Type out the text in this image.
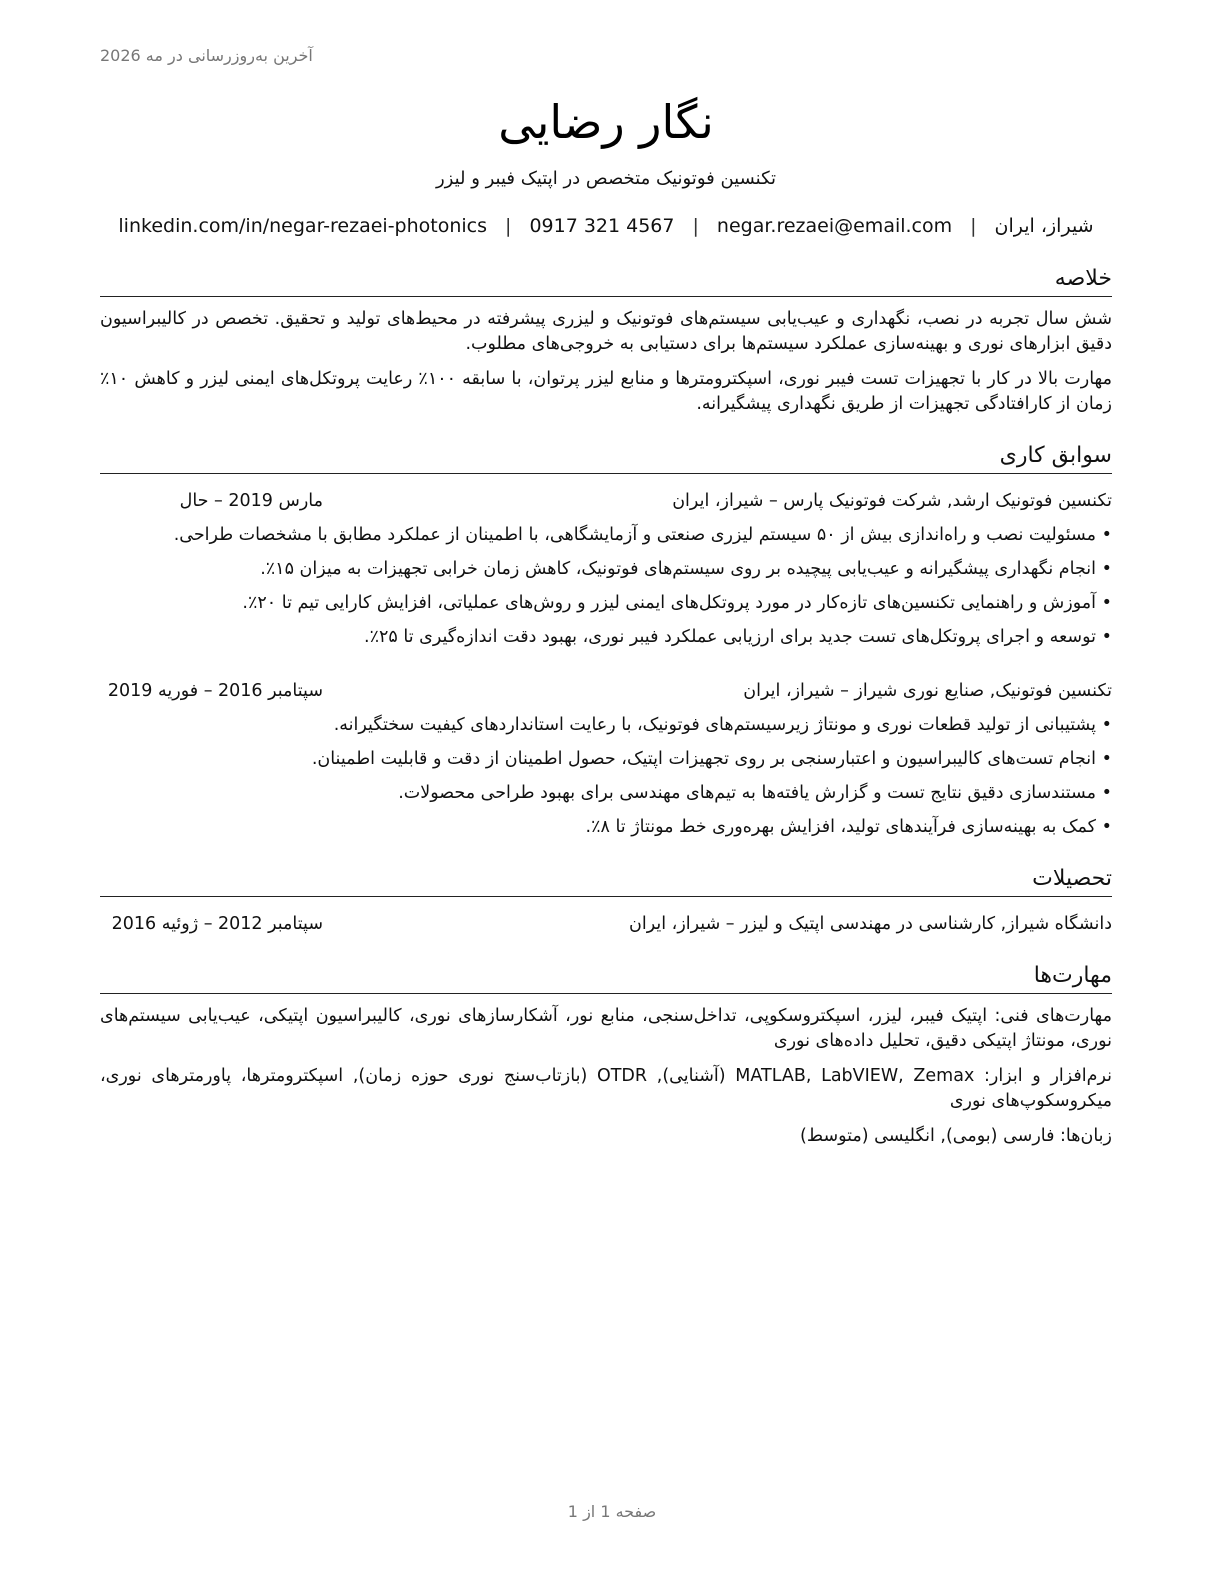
آخرین به‌روزرسانی در مه 2026
نگار رضایی
تکنسین فوتونیک متخصص در اپتیک فیبر و لیزر
شیراز، ایران
|
negar.rezaei@email.com
|
0917 321 4567
|
linkedin.com/in/negar-rezaei-photonics
خلاصه
شش سال تجربه در نصب، نگهداری و عیب‌یابی سیستم‌های فوتونیک و لیزری پیشرفته در محیط‌های تولید و تحقیق. تخصص در کالیبراسیون دقیق ابزارهای نوری و بهینه‌سازی عملکرد سیستم‌ها برای دستیابی به خروجی‌های مطلوب.
مهارت بالا در کار با تجهیزات تست فیبر نوری، اسپکترومترها و منابع لیزر پرتوان، با سابقه ۱۰۰٪ رعایت پروتکل‌های ایمنی لیزر و کاهش ۱۰٪ زمان از کارافتادگی تجهیزات از طریق نگهداری پیشگیرانه.
سوابق کاری
تکنسین فوتونیک ارشد, شرکت فوتونیک پارس – شیراز، ایران
مارس 2019 – حال
• مسئولیت نصب و راه‌اندازی بیش از ۵۰ سیستم لیزری صنعتی و آزمایشگاهی، با اطمینان از عملکرد مطابق با مشخصات طراحی.
• انجام نگهداری پیشگیرانه و عیب‌یابی پیچیده بر روی سیستم‌های فوتونیک، کاهش زمان خرابی تجهیزات به میزان ۱۵٪.
• آموزش و راهنمایی تکنسین‌های تازه‌کار در مورد پروتکل‌های ایمنی لیزر و روش‌های عملیاتی، افزایش کارایی تیم تا ۲۰٪.
• توسعه و اجرای پروتکل‌های تست جدید برای ارزیابی عملکرد فیبر نوری، بهبود دقت اندازه‌گیری تا ۲۵٪.
تکنسین فوتونیک, صنایع نوری شیراز – شیراز، ایران
سپتامبر 2016 – فوریه 2019
• پشتیبانی از تولید قطعات نوری و مونتاژ زیرسیستم‌های فوتونیک، با رعایت استانداردهای کیفیت سختگیرانه.
• انجام تست‌های کالیبراسیون و اعتبارسنجی بر روی تجهیزات اپتیک، حصول اطمینان از دقت و قابلیت اطمینان.
• مستندسازی دقیق نتایج تست و گزارش یافته‌ها به تیم‌های مهندسی برای بهبود طراحی محصولات.
• کمک به بهینه‌سازی فرآیندهای تولید، افزایش بهره‌وری خط مونتاژ تا ۸٪.
تحصیلات
دانشگاه شیراز, کارشناسی در مهندسی اپتیک و لیزر – شیراز، ایران
سپتامبر 2012 – ژوئیه 2016
مهارت‌ها
مهارت‌های فنی: اپتیک فیبر، لیزر، اسپکتروسکوپی، تداخل‌سنجی، منابع نور، آشکارسازهای نوری، کالیبراسیون اپتیکی، عیب‌یابی سیستم‌های نوری، مونتاژ اپتیکی دقیق، تحلیل داده‌های نوری
نرم‌افزار و ابزار: MATLAB, LabVIEW, Zemax (آشنایی), OTDR (بازتاب‌سنج نوری حوزه زمان), اسپکترومترها، پاورمترهای نوری، میکروسکوپ‌های نوری
زبان‌ها: فارسی (بومی), انگلیسی (متوسط)
صفحه 1 از 1
